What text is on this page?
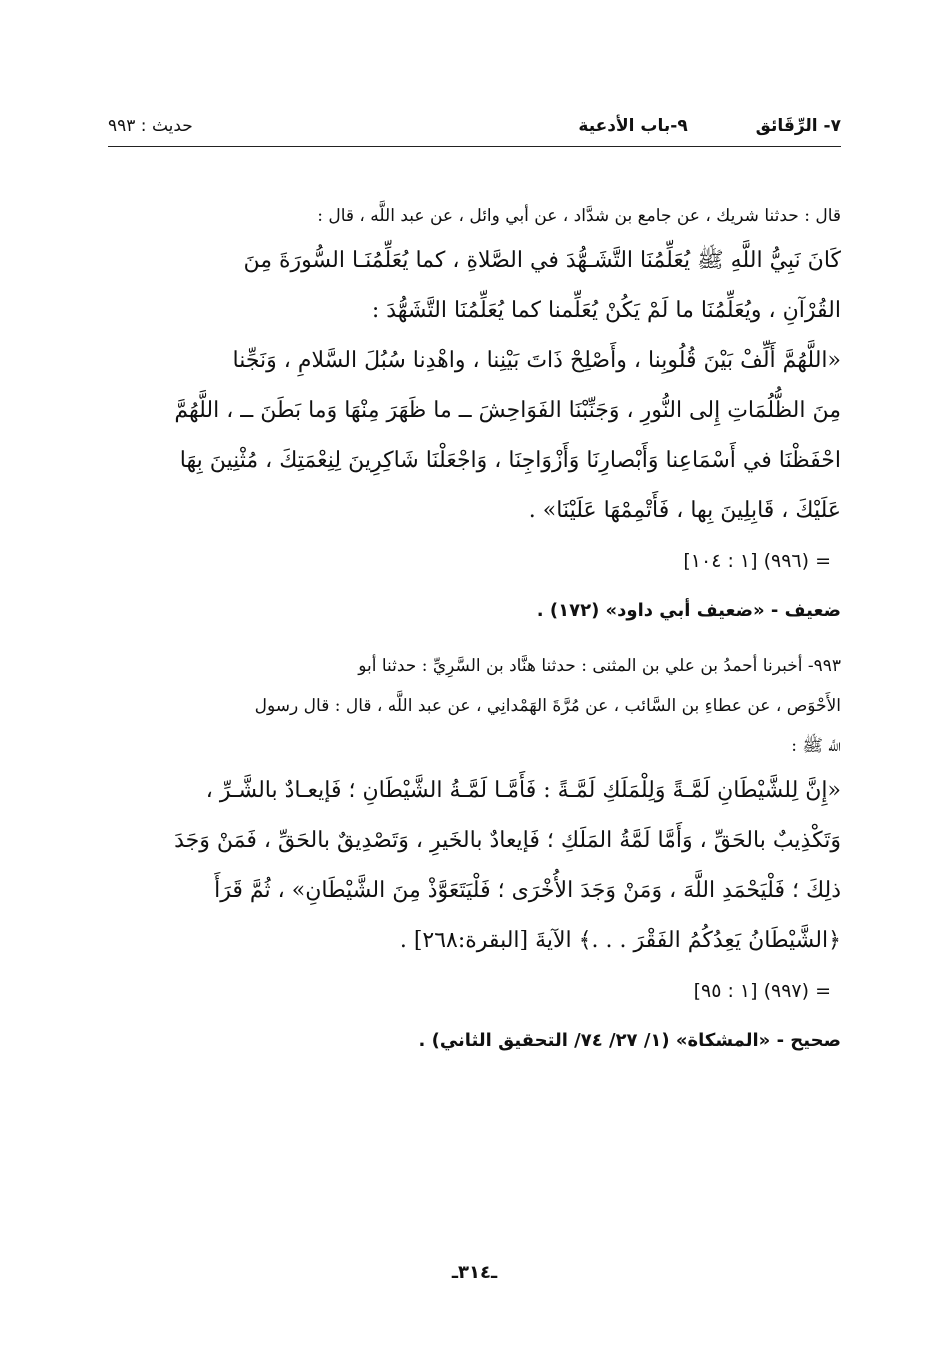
٧- الرِّقَائق ٩-باب الأدعية
حديث : ٩٩٣
قال : حدثنا شريك ، عن جامع بن شدَّاد ، عن أبي وائل ، عن عبد اللَّه ، قال :
كَانَ نَبِيُّ اللَّهِ ﷺ يُعَلِّمُنَا التَّشَـهُّدَ في الصَّلاةِ ، كما يُعَلِّمُنَـا السُّورَةَ مِنَ
القُرْآنِ ، ويُعَلِّمُنَا ما لَمْ يَكُنْ يُعَلِّمنا كما يُعَلِّمُنَا التَّشَهُّدَ :
«اللَّهُمَّ أَلِّفْ بَيْنَ قُلُوبِنا ، وأَصْلِحْ ذَاتَ بَيْنِنا ، واهْدِنا سُبُلَ السَّلامِ ، وَنَجِّنا
مِنَ الظُّلُمَاتِ إِلى النُّورِ ، وَجَنِّبْنَا الفَوَاحِشَ ــ ما ظَهَرَ مِنْهَا وَما بَطَنَ ــ ، اللَّهُمَّ
احْفَظْنَا في أَسْمَاعِنا وَأَبْصارِنَا وَأَزْوَاجِنَا ، وَاجْعَلْنَا شَاكِرِينَ لِنِعْمَتِكَ ، مُثْنِينَ بِهَا
عَلَيْكَ ، قَابِلِينَ بِها ، فَأَتْمِمْهَا عَلَيْنَا» .
= (٩٩٦) [١ : ١٠٤]
ضعيف - «ضعيف أبي داود» (١٧٢) .
٩٩٣- أخبرنا أحمدُ بن علي بن المثنى : حدثنا هنَّاد بن السَّرِيِّ : حدثنا أبو
الأَحْوَص ، عن عطاءِ بن السَّائب ، عن مُرَّةَ الهَمْدانِي ، عن عبد اللَّه ، قال : قال رسول
اللَّه ﷺ :
«إِنَّ لِلشَّيْطَانِ لَمَّـةً وَلِلْمَلَكِ لَمَّـةً : فَأَمَّـا لَمَّـةُ الشَّيْطَانِ ؛ فَإيعـادٌ بالشَّـرِّ ،
وَتَكْذِيبٌ بالحَقِّ ، وَأَمَّا لَمَّةُ المَلَكِ ؛ فَإيعادٌ بالخَيرِ ، وَتَصْدِيقٌ بالحَقِّ ، فَمَنْ وَجَدَ
ذلِكَ ؛ فَلْيَحْمَدِ اللَّهَ ، وَمَنْ وَجَدَ الأُخْرَى ؛ فَلْيَتَعَوَّذْ مِنَ الشَّيْطَانِ» ، ثُمَّ قَرَأَ
﴿الشَّيْطَانُ يَعِدُكُمُ الفَقْرَ . . .﴾ الآيةَ [البقرة:٢٦٨] .
= (٩٩٧) [١ : ٩٥]
صحيح - «المشكاة» (١/ ٢٧/ ٧٤/ التحقيق الثاني) .
ـ٣١٤ـ
